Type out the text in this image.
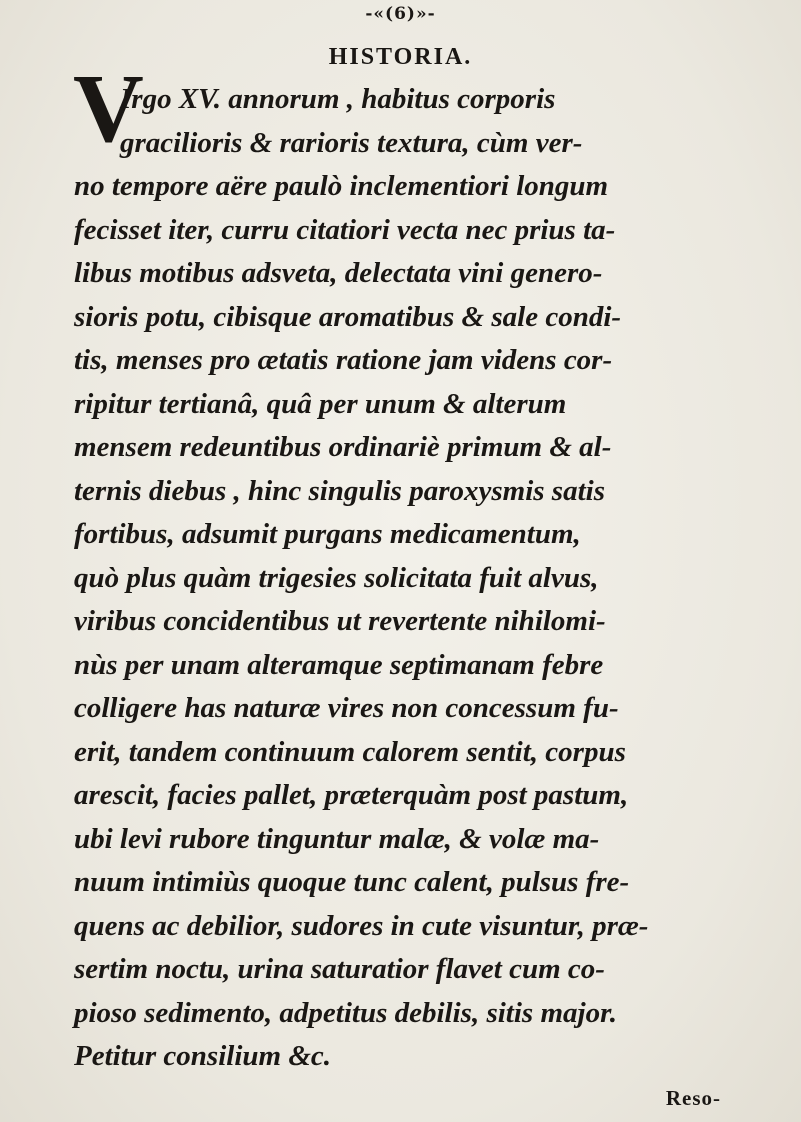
-«(6)»-
HISTORIA.
V
Irgo XV. annorum , habitus corporis
gracilioris & rarioris textura, cùm ver-
no tempore aëre paulò inclementiori longum
fecisset iter, curru citatiori vecta nec prius ta-
libus motibus adsveta, delectata vini genero-
sioris potu, cibisque aromatibus & sale condi-
tis, menses pro ætatis ratione jam videns cor-
ripitur tertianâ, quâ per unum & alterum
mensem redeuntibus ordinariè primum & al-
ternis diebus , hinc singulis paroxysmis satis
fortibus, adsumit purgans medicamentum,
quò plus quàm trigesies solicitata fuit alvus,
viribus concidentibus ut revertente nihilomi-
nùs per unam alteramque septimanam febre
colligere has naturæ vires non concessum fu-
erit, tandem continuum calorem sentit, corpus
arescit, facies pallet, præterquàm post pastum,
ubi levi rubore tinguntur malæ, & volæ ma-
nuum intimiùs quoque tunc calent, pulsus fre-
quens ac debilior, sudores in cute visuntur, præ-
sertim noctu, urina saturatior flavet cum co-
pioso sedimento, adpetitus debilis, sitis major.
Petitur consilium &c.
Reso-
